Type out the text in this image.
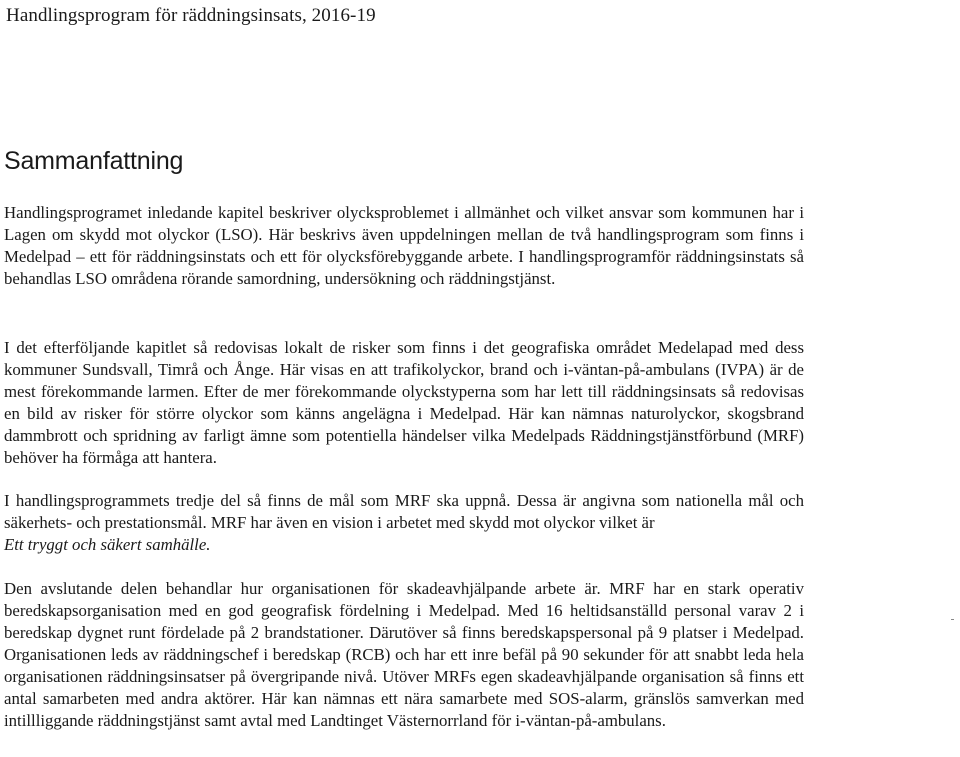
Handlingsprogram för räddningsinsats, 2016-19
Sammanfattning

Handlingsprogramet inledande kapitel beskriver olycksproblemet i allmänhet och vilket ansvar som kommunen har i Lagen om skydd mot olyckor (LSO). Här beskrivs även uppdelningen mellan de två handlingsprogram som finns i Medelpad – ett för räddningsinstats och ett för olycksförebyggande arbete. I handlingsprogramför räddningsinstats så behandlas LSO områdena rörande samordning, undersökning och räddningstjänst.

I det efterföljande kapitlet så redovisas lokalt de risker som finns i det geografiska området Medelapad med dess kommuner Sundsvall, Timrå och Ånge. Här visas en att trafikolyckor, brand och i-väntan-på-ambulans (IVPA) är de mest förekommande larmen. Efter de mer förekommande olyckstyperna som har lett till räddningsinsats så redovisas en bild av risker för större olyckor som känns angelägna i Medelpad. Här kan nämnas naturolyckor, skogsbrand dammbrott och spridning av farligt ämne som potentiella händelser vilka Medelpads Räddningstjänstförbund (MRF) behöver ha förmåga att hantera.

I handlingsprogrammets tredje del så finns de mål som MRF ska uppnå. Dessa är angivna som nationella mål och säkerhets- och prestationsmål. MRF har även en vision i arbetet med skydd mot olyckor vilket är
Ett tryggt och säkert samhälle.

Den avslutande delen behandlar hur organisationen för skadeavhjälpande arbete är. MRF har en stark operativ beredskapsorganisation med en god geografisk fördelning i Medelpad. Med 16 heltidsanställd personal varav 2 i beredskap dygnet runt fördelade på 2 brandstationer. Därutöver så finns beredskapspersonal på 9 platser i Medelpad. Organisationen leds av räddningschef i beredskap (RCB) och har ett inre befäl på 90 sekunder för att snabbt leda hela organisationen räddningsinsatser på övergripande nivå. Utöver MRFs egen skadeavhjälpande organisation så finns ett antal samarbeten med andra aktörer. Här kan nämnas ett nära samarbete med SOS-alarm, gränslös samverkan med intillliggande räddningstjänst samt avtal med Landtinget Västernorrland för i-väntan-på-ambulans.
